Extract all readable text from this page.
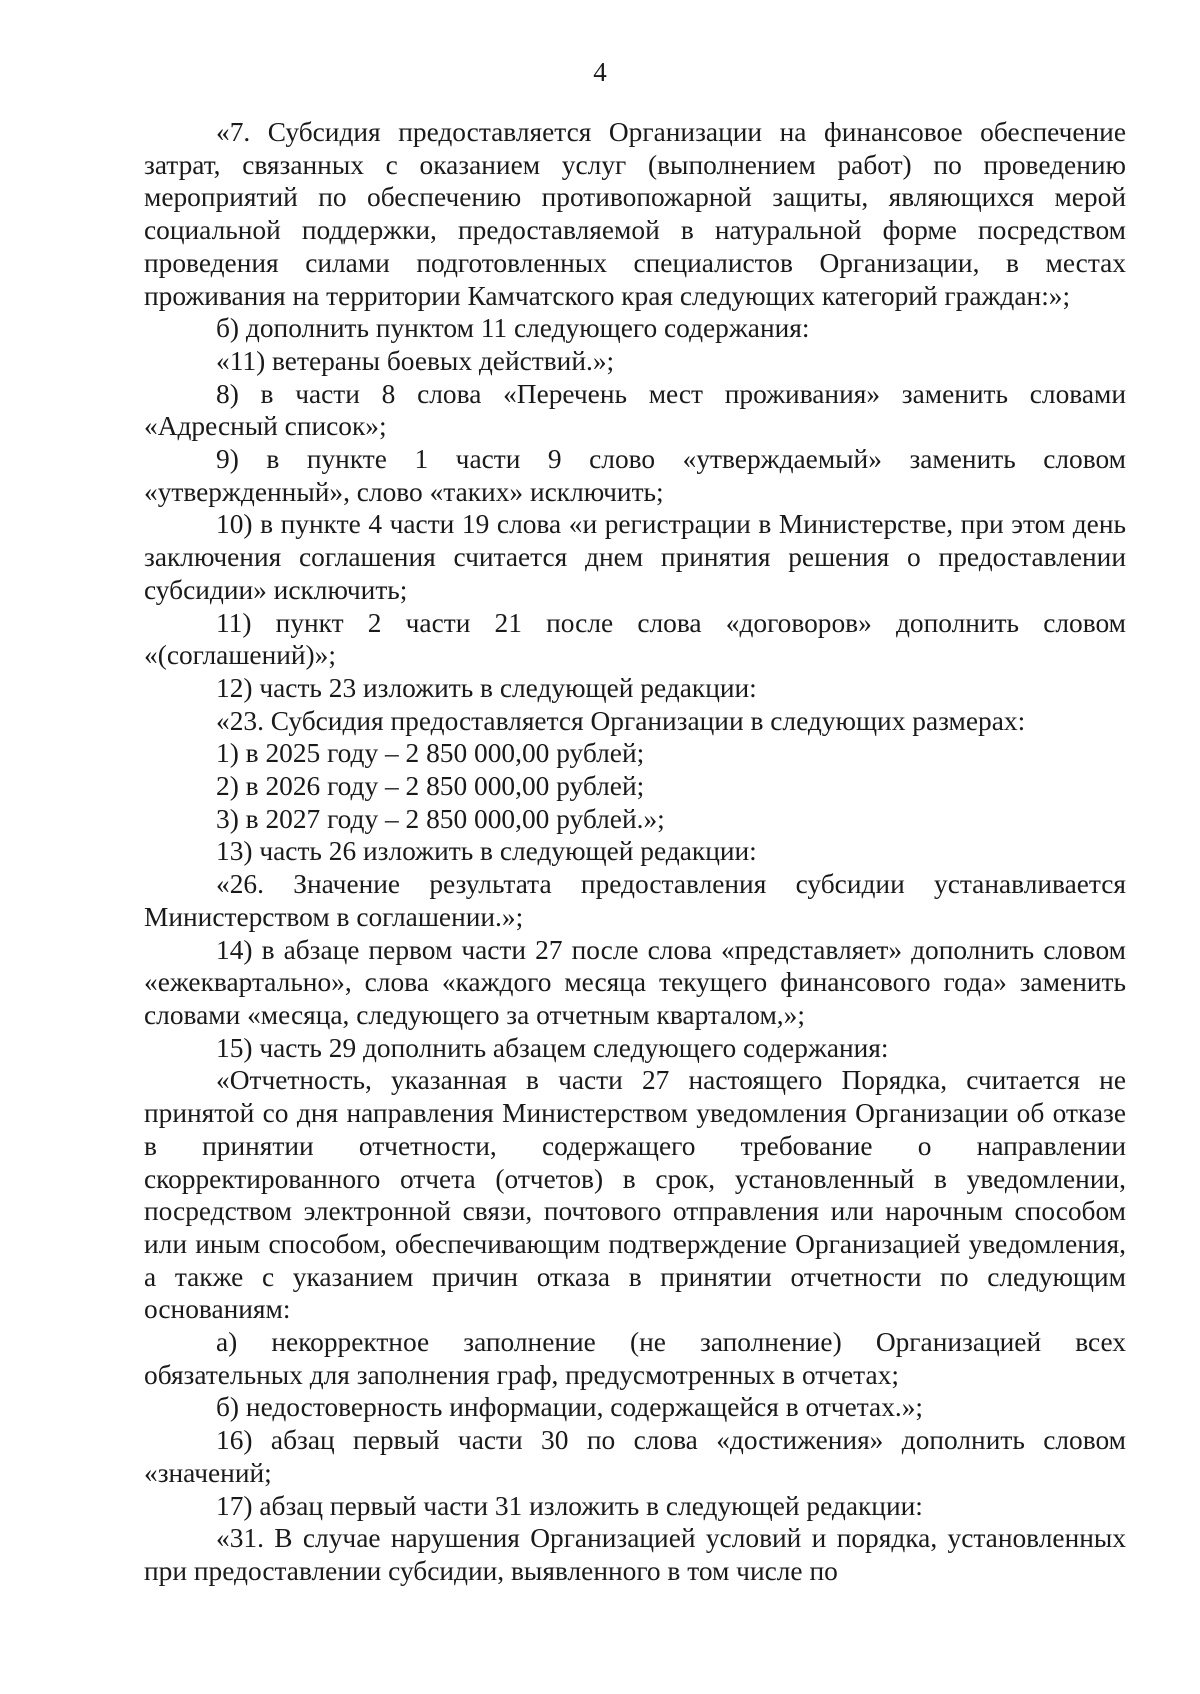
4

«7. Субсидия предоставляется Организации на финансовое обеспечение затрат, связанных с оказанием услуг (выполнением работ) по проведению мероприятий по обеспечению противопожарной защиты, являющихся мерой социальной поддержки, предоставляемой в натуральной форме посредством проведения силами подготовленных специалистов Организации, в местах проживания на территории Камчатского края следующих категорий граждан:»;

б) дополнить пунктом 11 следующего содержания:

«11) ветераны боевых действий.»;

8) в части 8 слова «Перечень мест проживания» заменить словами «Адресный список»;

9) в пункте 1 части 9 слово «утверждаемый» заменить словом «утвержденный», слово «таких» исключить;

10) в пункте 4 части 19 слова «и регистрации в Министерстве, при этом день заключения соглашения считается днем принятия решения о предоставлении субсидии» исключить;

11) пункт 2 части 21 после слова «договоров» дополнить словом «(соглашений)»;

12) часть 23 изложить в следующей редакции:

«23. Субсидия предоставляется Организации в следующих размерах:

1) в 2025 году – 2 850 000,00 рублей;

2) в 2026 году – 2 850 000,00 рублей;

3) в 2027 году – 2 850 000,00 рублей.»;

13) часть 26 изложить в следующей редакции:

«26. Значение результата предоставления субсидии устанавливается Министерством в соглашении.»;

14) в абзаце первом части 27 после слова «представляет» дополнить словом «ежеквартально», слова «каждого месяца текущего финансового года» заменить словами «месяца, следующего за отчетным кварталом,»;

15) часть 29 дополнить абзацем следующего содержания:

«Отчетность, указанная в части 27 настоящего Порядка, считается не принятой со дня направления Министерством уведомления Организации об отказе в принятии отчетности, содержащего требование о направлении скорректированного отчета (отчетов) в срок, установленный в уведомлении, посредством электронной связи, почтового отправления или нарочным способом или иным способом, обеспечивающим подтверждение Организацией уведомления, а также с указанием причин отказа в принятии отчетности по следующим основаниям:

а) некорректное заполнение (не заполнение) Организацией всех обязательных для заполнения граф, предусмотренных в отчетах;

б) недостоверность информации, содержащейся в отчетах.»;

16) абзац первый части 30 по слова «достижения» дополнить словом «значений;

17) абзац первый части 31 изложить в следующей редакции:

«31. В случае нарушения Организацией условий и порядка, установленных при предоставлении субсидии, выявленного в том числе по
